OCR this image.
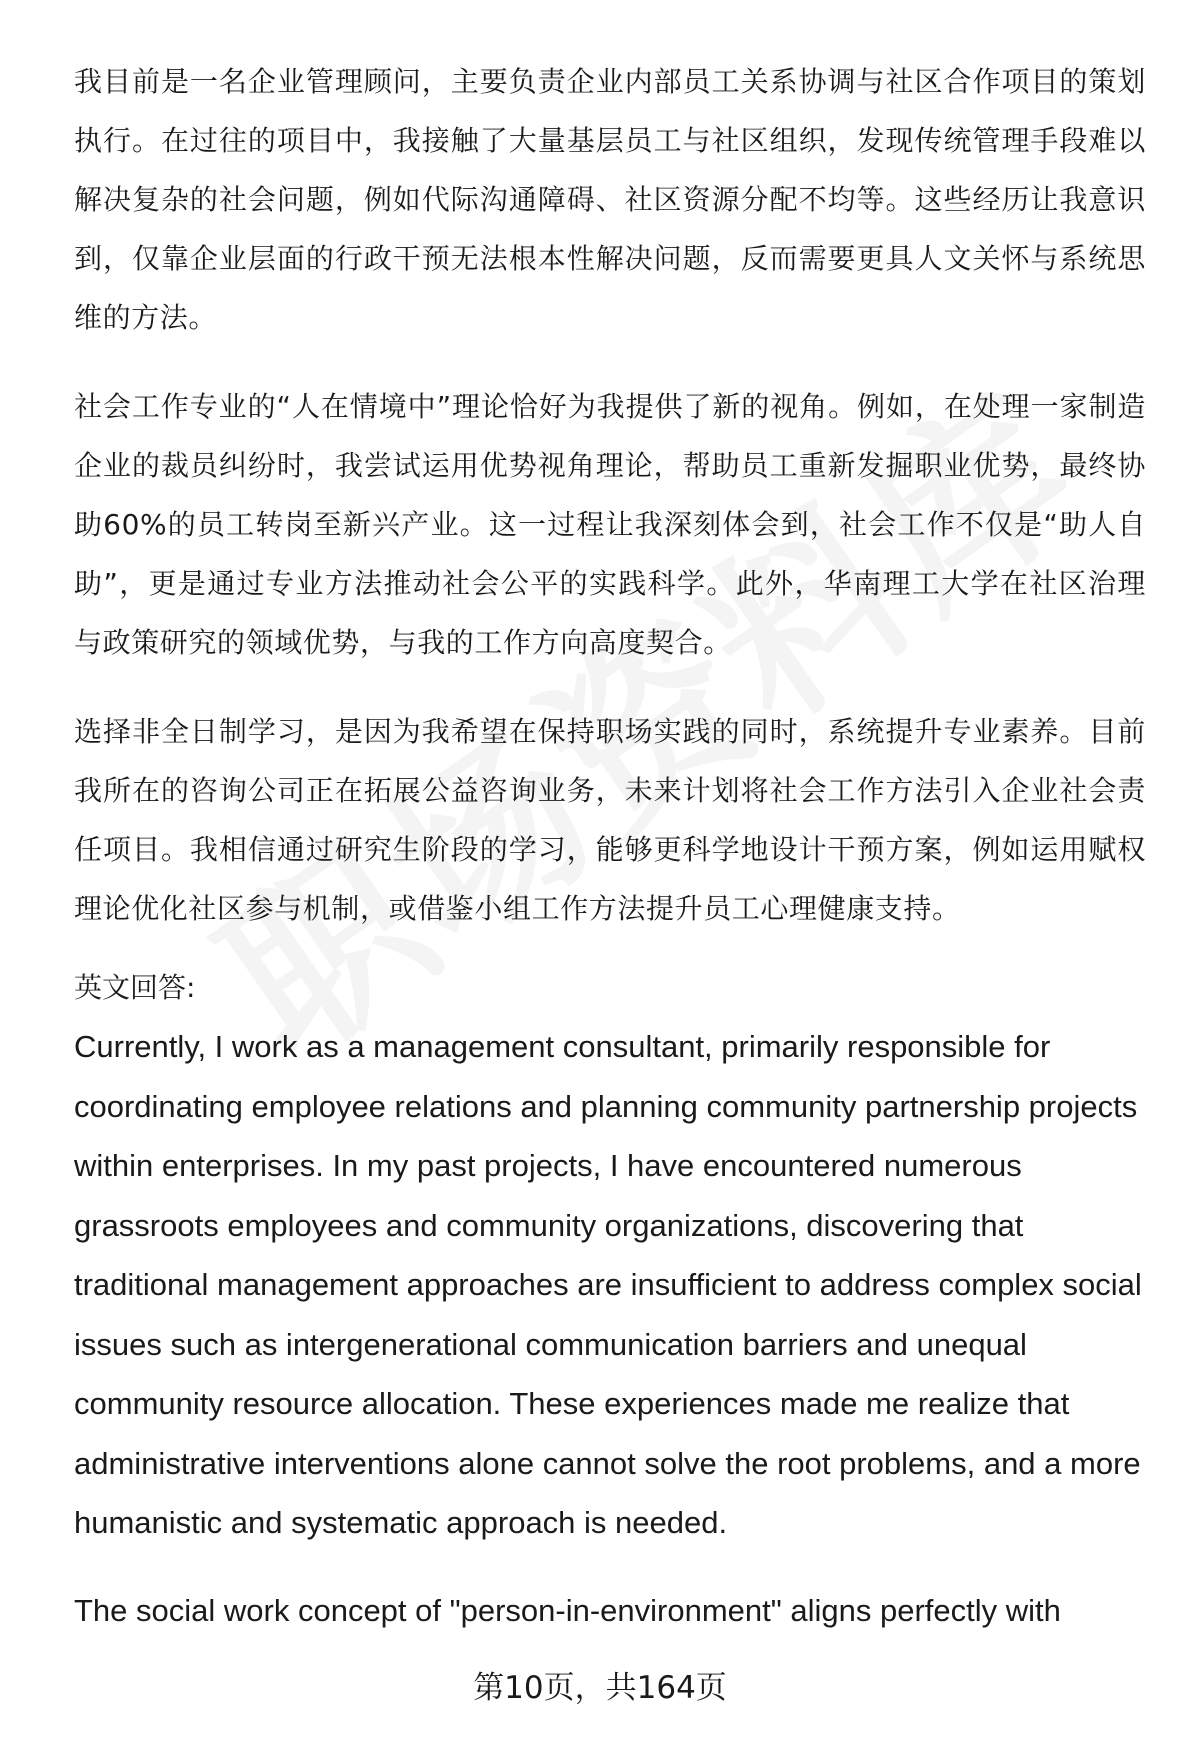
我目前是一名企业管理顾问，主要负责企业内部员工关系协调与社区合作项目的策划执行。在过往的项目中，我接触了大量基层员工与社区组织，发现传统管理手段难以解决复杂的社会问题，例如代际沟通障碍、社区资源分配不均等。这些经历让我意识到，仅靠企业层面的行政干预无法根本性解决问题，反而需要更具人文关怀与系统思维的方法。

社会工作专业的“人在情境中”理论恰好为我提供了新的视角。例如，在处理一家制造企业的裁员纠纷时，我尝试运用优势视角理论，帮助员工重新发掘职业优势，最终协助60%的员工转岗至新兴产业。这一过程让我深刻体会到，社会工作不仅是“助人自助”，更是通过专业方法推动社会公平的实践科学。此外，华南理工大学在社区治理与政策研究的领域优势，与我的工作方向高度契合。

选择非全日制学习，是因为我希望在保持职场实践的同时，系统提升专业素养。目前我所在的咨询公司正在拓展公益咨询业务，未来计划将社会工作方法引入企业社会责任项目。我相信通过研究生阶段的学习，能够更科学地设计干预方案，例如运用赋权理论优化社区参与机制，或借鉴小组工作方法提升员工心理健康支持。

英文回答:

Currently, I work as a management consultant, primarily responsible for coordinating employee relations and planning community partnership projects within enterprises. In my past projects, I have encountered numerous grassroots employees and community organizations, discovering that traditional management approaches are insufficient to address complex social issues such as intergenerational communication barriers and unequal community resource allocation. These experiences made me realize that administrative interventions alone cannot solve the root problems, and a more humanistic and systematic approach is needed.

The social work concept of "person-in-environment" aligns perfectly with

第10页，共164页
